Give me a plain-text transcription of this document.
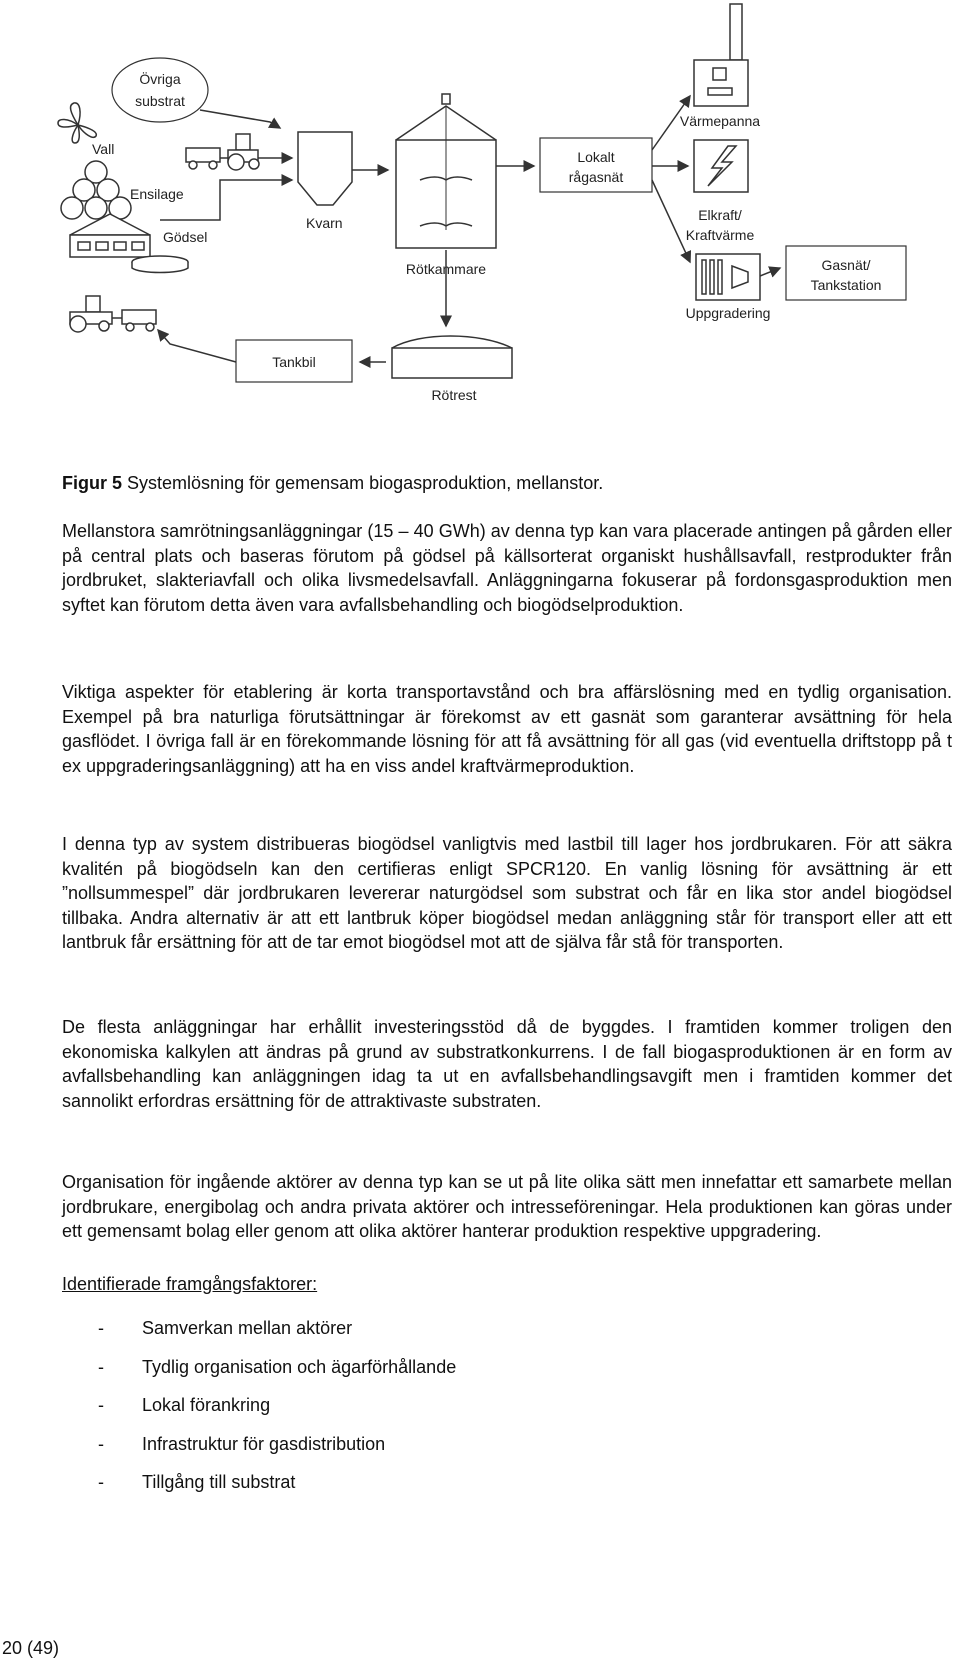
Övriga
substrat
Vall
Ensilage
Gödsel
Kvarn
Rötkammare
Lokalt
rågasnät
Värmepanna
Elkraft/
Kraftvärme
Uppgradering
Gasnät/
Tankstation
Tankbil
Rötrest
Figur 5 Systemlösning för gemensam biogasproduktion, mellanstor.

Mellanstora samrötningsanläggningar (15 – 40 GWh) av denna typ kan vara placerade antingen på gården eller på central plats och baseras förutom på gödsel på källsorterat organiskt hushållsavfall, restprodukter från jordbruket, slakteriavfall och olika livsmedelsavfall. Anläggningarna fokuserar på fordonsgasproduktion men syftet kan förutom detta även vara avfallsbehandling och biogödselproduktion.

Viktiga aspekter för etablering är korta transportavstånd och bra affärslösning med en tydlig organisation. Exempel på bra naturliga förutsättningar är förekomst av ett gasnät som garanterar avsättning för hela gasflödet. I övriga fall är en förekommande lösning för att få avsättning för all gas (vid eventuella driftstopp på t ex uppgraderingsanläggning) att ha en viss andel kraftvärmeproduktion.

I denna typ av system distribueras biogödsel vanligtvis med lastbil till lager hos jordbrukaren. För att säkra kvalitén på biogödseln kan den certifieras enligt SPCR120. En vanlig lösning för avsättning är ett ”nollsummespel” där jordbrukaren levererar naturgödsel som substrat och får en lika stor andel biogödsel tillbaka. Andra alternativ är att ett lantbruk köper biogödsel medan anläggning står för transport eller att ett lantbruk får ersättning för att de tar emot biogödsel mot att de själva får stå för transporten.

De flesta anläggningar har erhållit investeringsstöd då de byggdes. I framtiden kommer troligen den ekonomiska kalkylen att ändras på grund av substratkonkurrens. I de fall biogasproduktionen är en form av avfallsbehandling kan anläggningen idag ta ut en avfallsbehandlingsavgift men i framtiden kommer det sannolikt erfordras ersättning för de attraktivaste substraten.

Organisation för ingående aktörer av denna typ kan se ut på lite olika sätt men innefattar ett samarbete mellan jordbrukare, energibolag och andra privata aktörer och intresseföreningar. Hela produktionen kan göras under ett gemensamt bolag eller genom att olika aktörer hanterar produktion respektive uppgradering.

Identifierade framgångsfaktorer:
- Samverkan mellan aktörer
- Tydlig organisation och ägarförhållande
- Lokal förankring
- Infrastruktur för gasdistribution
- Tillgång till substrat
20 (49)
